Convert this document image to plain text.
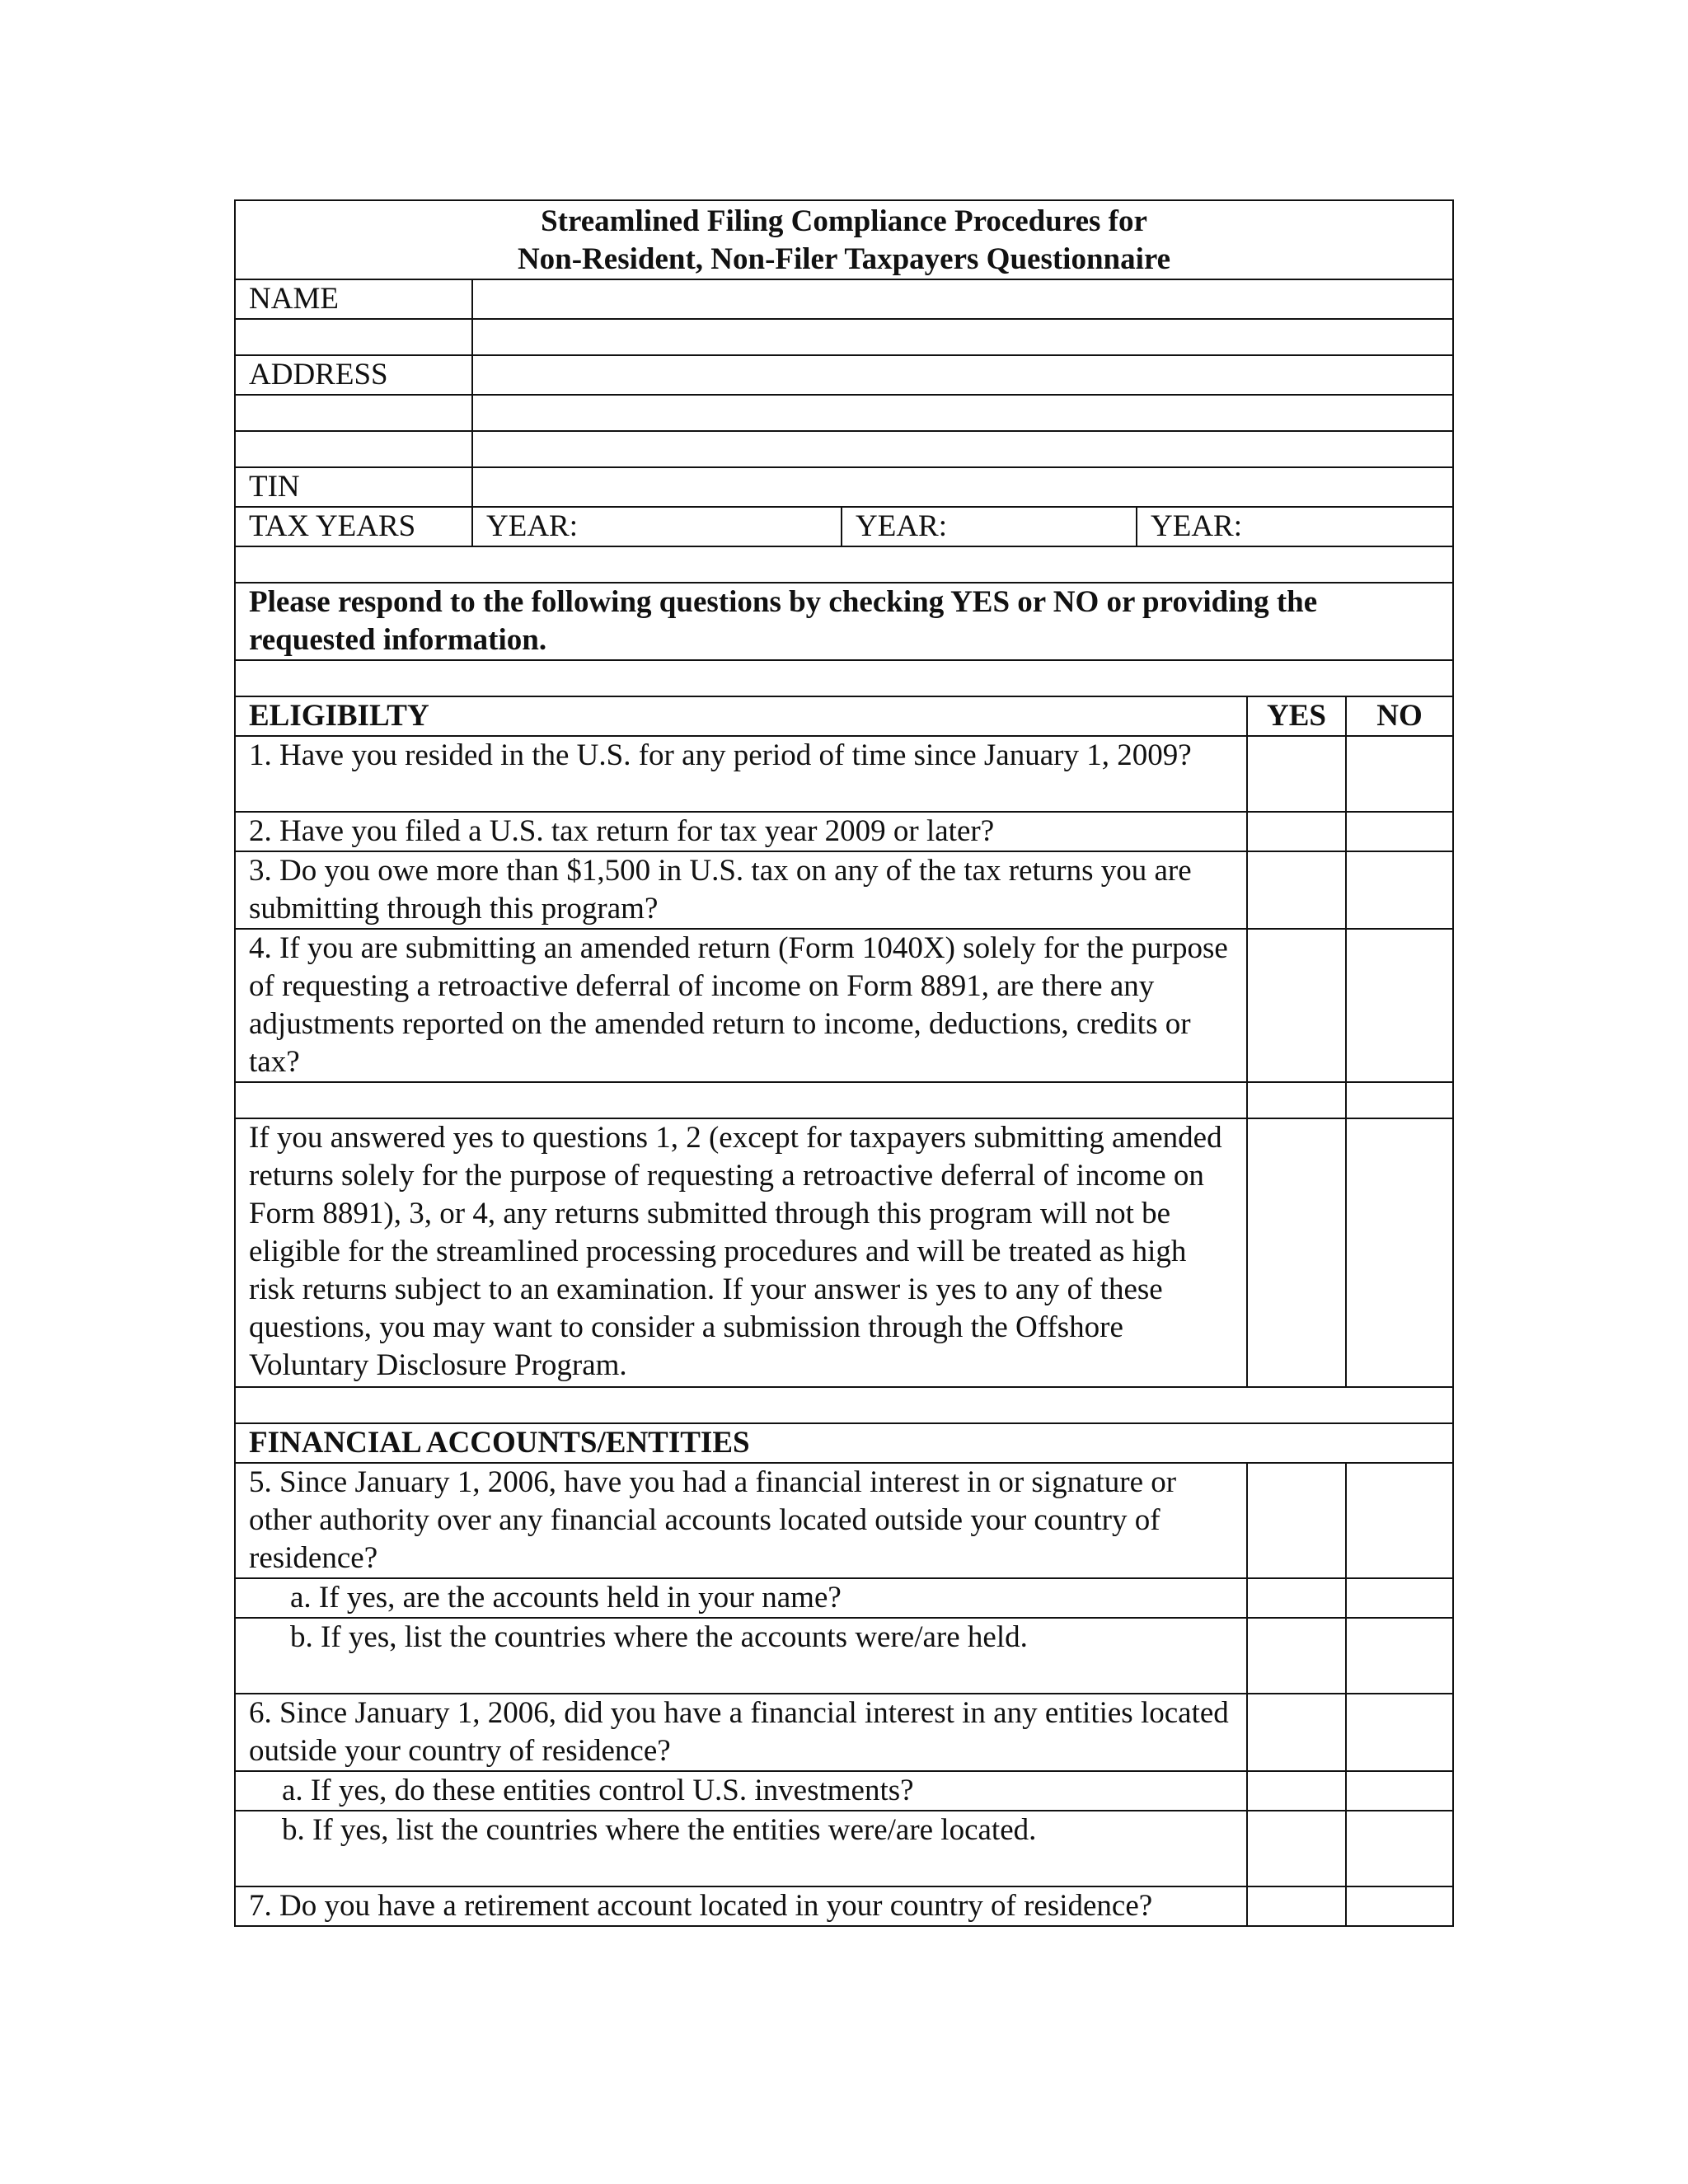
Streamlined Filing Compliance Procedures for
Non-Resident, Non-Filer Taxpayers Questionnaire					

NAME					

ADDRESS					

TIN					
TAX YEARS	YEAR:	YEAR:	YEAR:		

Please respond to the following questions by checking YES or NO or providing the requested information.					

ELIGIBILTY				YES	NO
1. Have you resided in the U.S. for any period of time since January 1, 2009?					
2. Have you filed a U.S. tax return for tax year 2009 or later?					
3. Do you owe more than $1,500 in U.S. tax on any of the tax returns you are submitting through this program?					
4. If you are submitting an amended return (Form 1040X) solely for the purpose of requesting a retroactive deferral of income on Form 8891, are there any adjustments reported on the amended return to income, deductions, credits or tax?					

If you answered yes to questions 1, 2 (except for taxpayers submitting amended returns solely for the purpose of requesting a retroactive deferral of income on Form 8891), 3, or 4, any returns submitted through this program will not be eligible for the streamlined processing procedures and will be treated as high risk returns subject to an examination. If your answer is yes to any of these questions, you may want to consider a submission through the Offshore Voluntary Disclosure Program.					

FINANCIAL ACCOUNTS/ENTITIES					
5. Since January 1, 2006, have you had a financial interest in or signature or other authority over any financial accounts located outside your country of residence?					
a. If yes, are the accounts held in your name?					
b. If yes, list the countries where the accounts were/are held.					
6. Since January 1, 2006, did you have a financial interest in any entities located outside your country of residence?					
a. If yes, do these entities control U.S. investments?					
b. If yes, list the countries where the entities were/are located.					
7. Do you have a retirement account located in your country of residence?					
